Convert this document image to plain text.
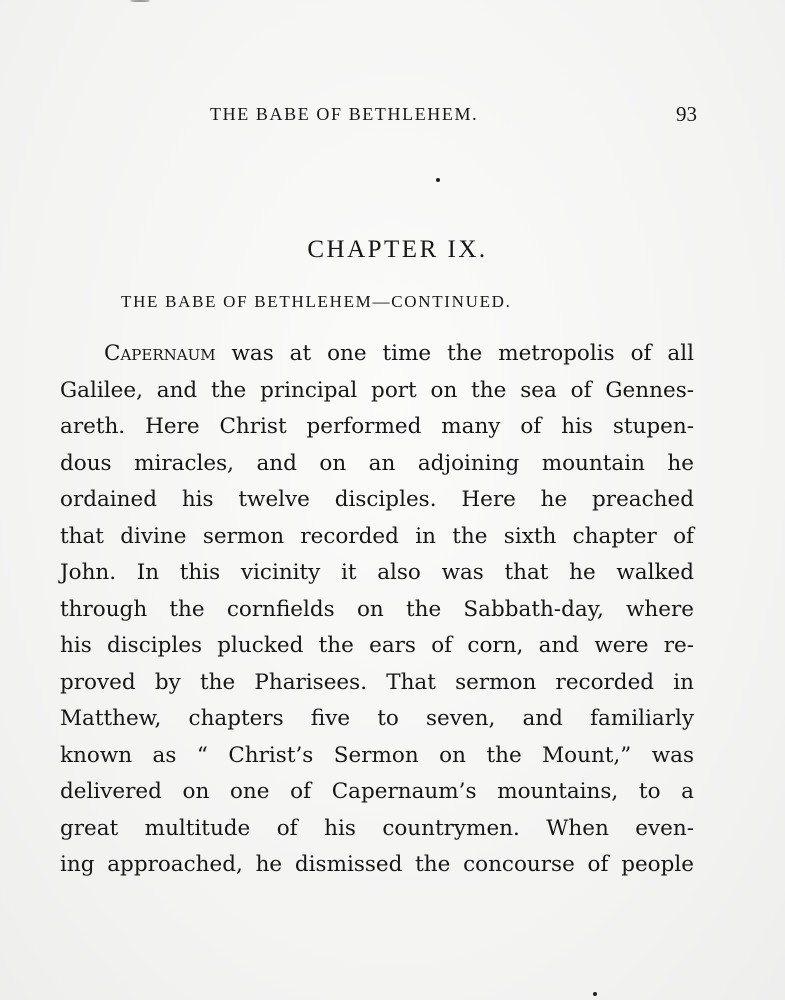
THE BABE OF BETHLEHEM.	93
CHAPTER IX.
THE BABE OF BETHLEHEM—CONTINUED.
Capernaum was at one time the metropolis of all
Galilee, and the principal port on the sea of Gennes-
areth. Here Christ performed many of his stupen-
dous miracles, and on an adjoining mountain he
ordained his twelve disciples. Here he preached
that divine sermon recorded in the sixth chapter of
John. In this vicinity it also was that he walked
through the cornfields on the Sabbath-day, where
his disciples plucked the ears of corn, and were re-
proved by the Pharisees. That sermon recorded in
Matthew, chapters five to seven, and familiarly
known as “ Christ’s Sermon on the Mount,” was
delivered on one of Capernaum’s mountains, to a
great multitude of his countrymen. When even-
ing approached, he dismissed the concourse of people
